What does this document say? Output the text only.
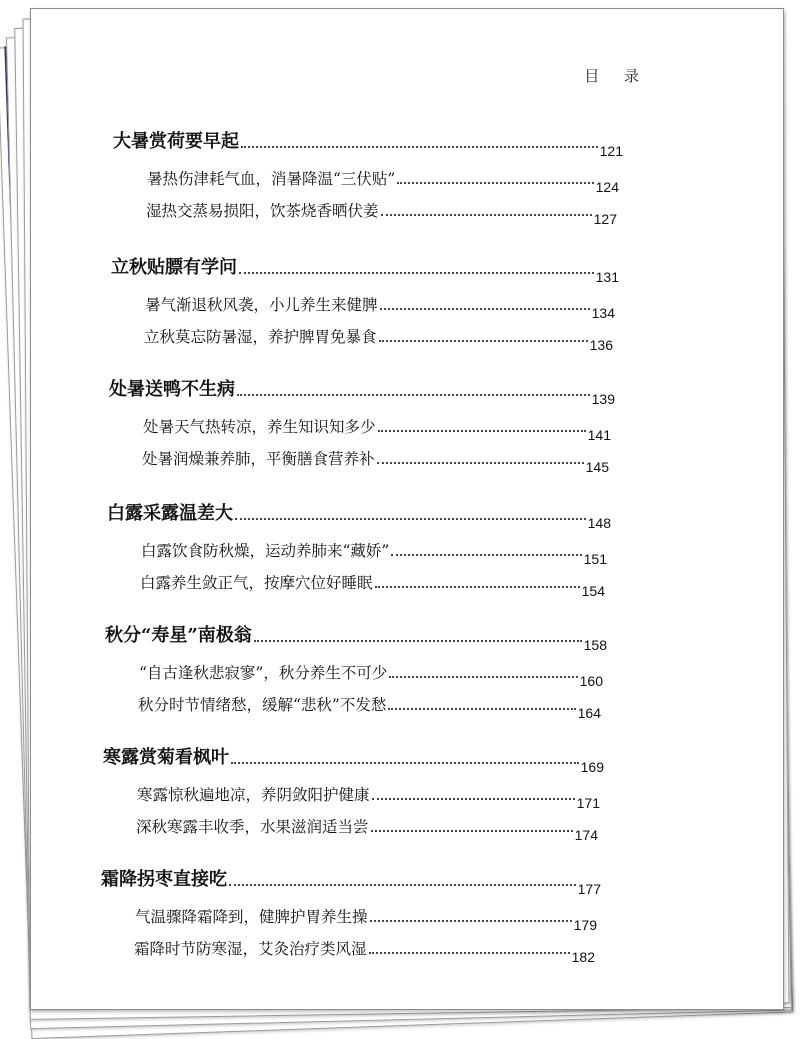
目 录
大暑赏荷要早起	121
暑热伤津耗气血，消暑降温“三伏贴”	124
湿热交蒸易损阳，饮茶烧香晒伏姜	127
立秋贴膘有学问	131
暑气渐退秋风袭，小儿养生来健脾	134
立秋莫忘防暑湿，养护脾胃免暴食	136
处暑送鸭不生病	139
处暑天气热转凉，养生知识知多少	141
处暑润燥兼养肺，平衡膳食营养补	145
白露采露温差大	148
白露饮食防秋燥，运动养肺来“藏娇”	151
白露养生敛正气，按摩穴位好睡眠	154
秋分“寿星”南极翁	158
“自古逢秋悲寂寥”，秋分养生不可少	160
秋分时节情绪愁，缓解“悲秋”不发愁	164
寒露赏菊看枫叶	169
寒露惊秋遍地凉，养阴敛阳护健康	171
深秋寒露丰收季，水果滋润适当尝	174
霜降拐枣直接吃	177
气温骤降霜降到，健脾护胃养生操	179
霜降时节防寒湿，艾灸治疗类风湿	182
